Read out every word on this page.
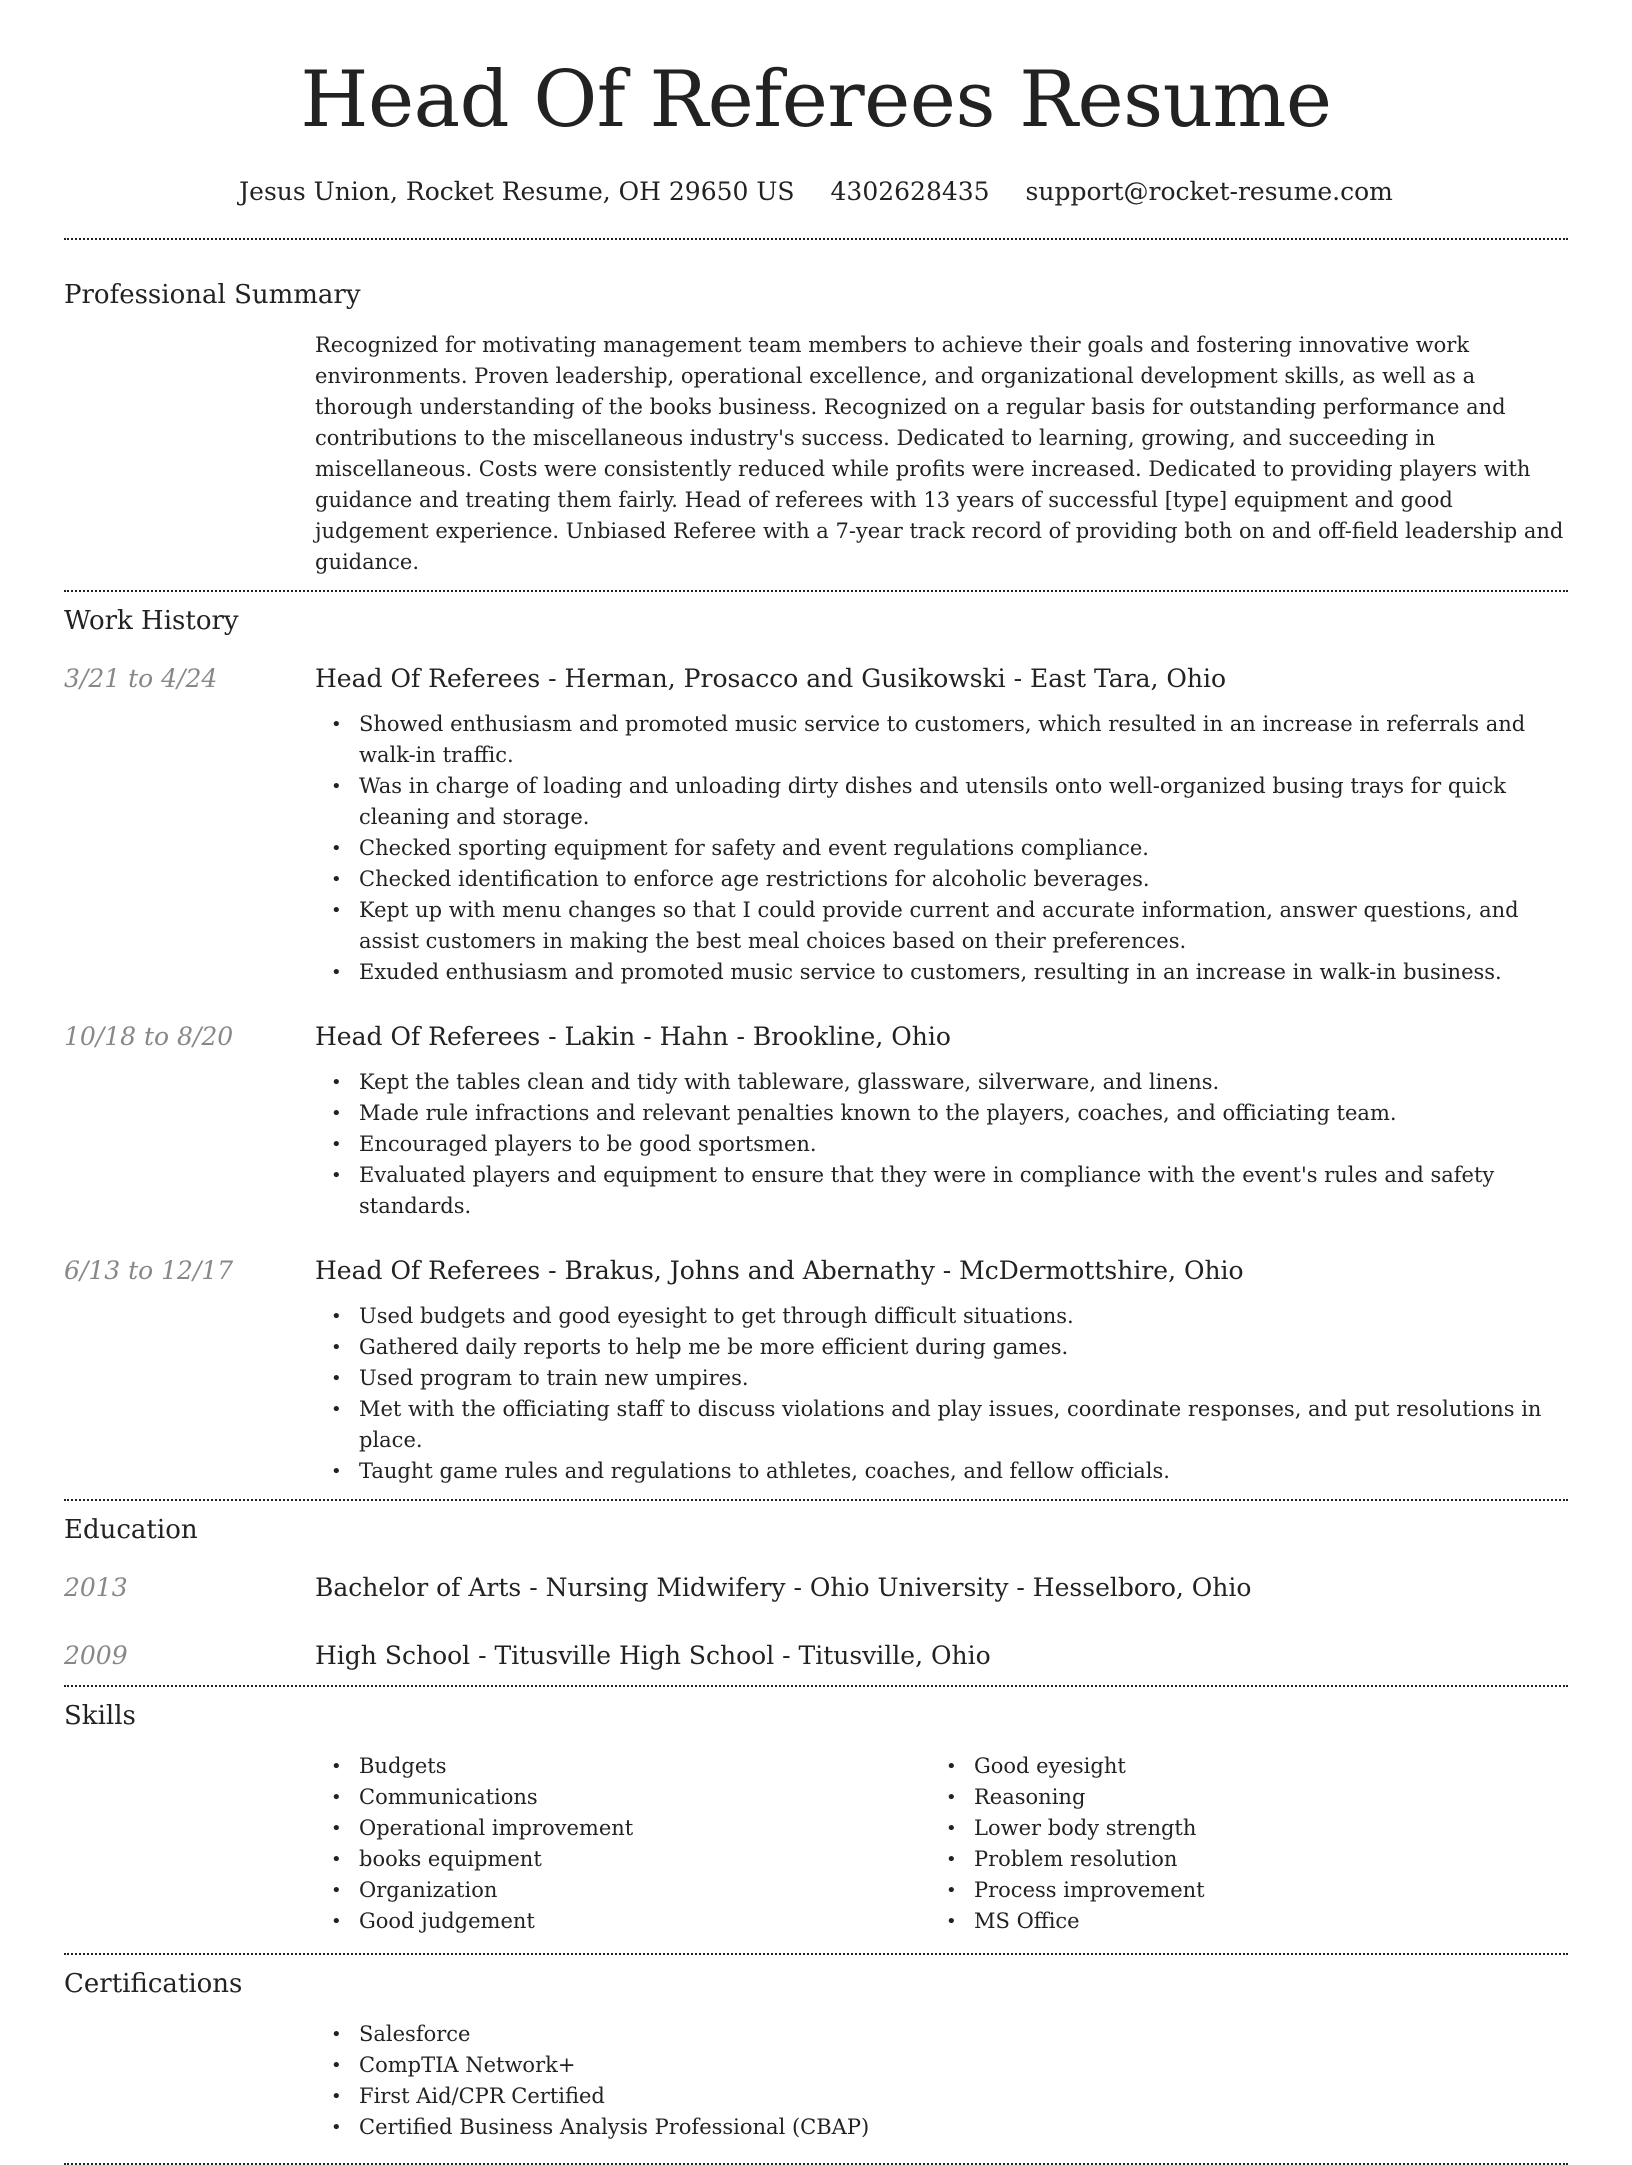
Head Of Referees Resume
Jesus Union, Rocket Resume, OH 29650 US 4302628435 support@rocket-resume.com
Professional Summary
Recognized for motivating management team members to achieve their goals and fostering innovative work environments. Proven leadership, operational excellence, and organizational development skills, as well as a thorough understanding of the books business. Recognized on a regular basis for outstanding performance and contributions to the miscellaneous industry's success. Dedicated to learning, growing, and succeeding in miscellaneous. Costs were consistently reduced while profits were increased. Dedicated to providing players with guidance and treating them fairly. Head of referees with 13 years of successful [type] equipment and good judgement experience. Unbiased Referee with a 7-year track record of providing both on and off-field leadership and guidance.
Work History
3/21 to 4/24	Head Of Referees - Herman, Prosacco and Gusikowski - East Tara, Ohio
• Showed enthusiasm and promoted music service to customers, which resulted in an increase in referrals and walk-in traffic.
• Was in charge of loading and unloading dirty dishes and utensils onto well-organized busing trays for quick cleaning and storage.
• Checked sporting equipment for safety and event regulations compliance.
• Checked identification to enforce age restrictions for alcoholic beverages.
• Kept up with menu changes so that I could provide current and accurate information, answer questions, and assist customers in making the best meal choices based on their preferences.
• Exuded enthusiasm and promoted music service to customers, resulting in an increase in walk-in business.
10/18 to 8/20	Head Of Referees - Lakin - Hahn - Brookline, Ohio
• Kept the tables clean and tidy with tableware, glassware, silverware, and linens.
• Made rule infractions and relevant penalties known to the players, coaches, and officiating team.
• Encouraged players to be good sportsmen.
• Evaluated players and equipment to ensure that they were in compliance with the event's rules and safety standards.
6/13 to 12/17	Head Of Referees - Brakus, Johns and Abernathy - McDermottshire, Ohio
• Used budgets and good eyesight to get through difficult situations.
• Gathered daily reports to help me be more efficient during games.
• Used program to train new umpires.
• Met with the officiating staff to discuss violations and play issues, coordinate responses, and put resolutions in place.
• Taught game rules and regulations to athletes, coaches, and fellow officials.
Education
2013	Bachelor of Arts - Nursing Midwifery - Ohio University - Hesselboro, Ohio
2009	High School - Titusville High School - Titusville, Ohio
Skills
• Budgets
• Communications
• Operational improvement
• books equipment
• Organization
• Good judgement
• Good eyesight
• Reasoning
• Lower body strength
• Problem resolution
• Process improvement
• MS Office
Certifications
• Salesforce
• CompTIA Network+
• First Aid/CPR Certified
• Certified Business Analysis Professional (CBAP)
